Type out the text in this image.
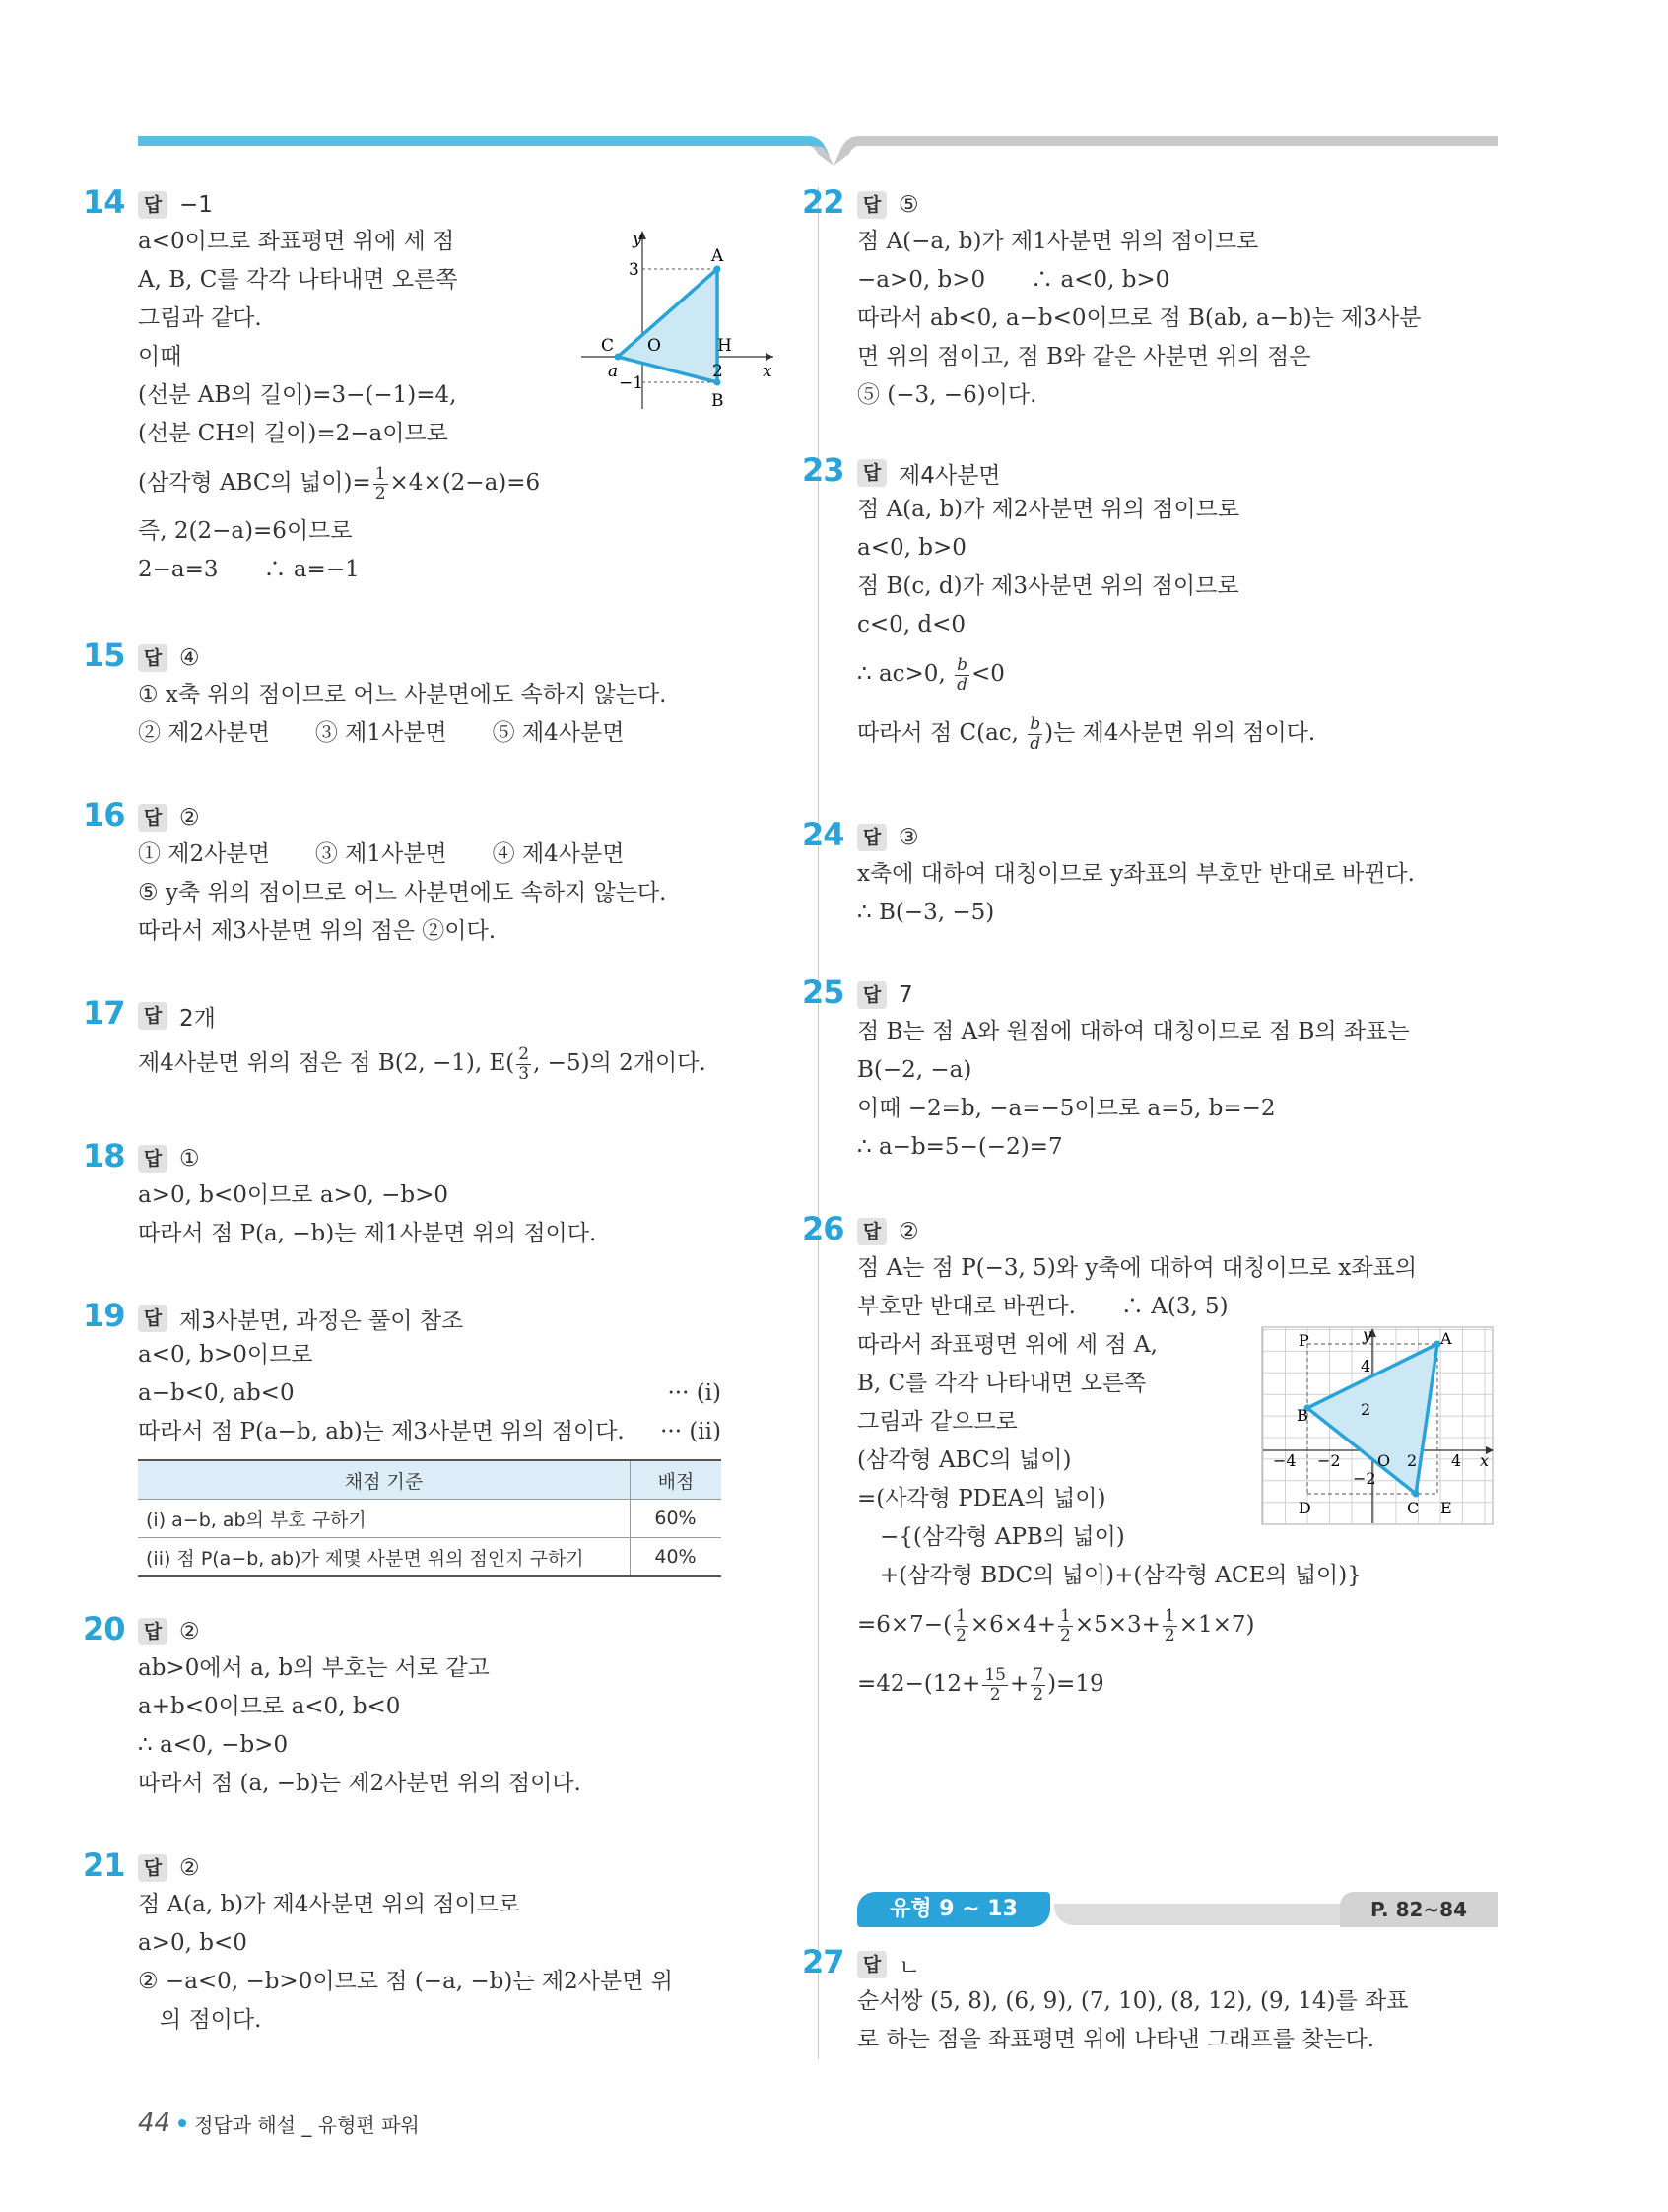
14	답 −1
a<0이므로 좌표평면 위에 세 점
A, B, C를 각각 나타내면 오른쪽
그림과 같다.
이때
(선분 AB의 길이)=3−(−1)=4,
(선분 CH의 길이)=2−a이므로
(삼각형 ABC의 넓이)= $\frac{1}{2} \times 4\times(2-a)=6$
즉, 2(2−a)=6이므로
2−a=3　　∴ a=−1
y
x
A
B
C O	H
a
3
2
−1
15	답 ④
① x축 위의 점이므로 어느 사분면에도 속하지 않는다.
② 제2사분면　　③ 제1사분면　　⑤ 제4사분면
16	답 ②
① 제2사분면　　③ 제1사분면　　④ 제4사분면
⑤ y축 위의 점이므로 어느 사분면에도 속하지 않는다.
따라서 제3사분면 위의 점은 ②이다.
17	답 2개
제4사분면 위의 점은 점 B(2, −1), $E( \frac{2}{3}$ , −5)의 2개이다.
18	답 ①
a>0, b<0이므로 a>0, −b>0
따라서 점 P(a, −b)는 제1사분면 위의 점이다.
19	답 제3사분면, 과정은 풀이 참조
a<0, b>0이므로
a−b<0, ab<0	··· (i)
따라서 점 P(a−b, ab)는 제3사분면 위의 점이다. ··· (ii)
채점 기준	배점
(i) a−b, ab의 부호 구하기	60%
(ii) 점 P(a−b, ab)가 제몇 사분면 위의 점인지 구하기	40%
20	답 ②
ab>0에서 a, b의 부호는 서로 같고
a+b<0이므로 a<0, b<0
∴ a<0, −b>0
따라서 점 (a, −b)는 제2사분면 위의 점이다.
21	답 ②
점 A(a, b)가 제4사분면 위의 점이므로
a>0, b<0
② −a<0, −b>0이므로 점 (−a, −b)는 제2사분면 위
의 점이다.
22	답 ⑤
점 A(−a, b)가 제1사분면 위의 점이므로
−a>0, b>0　　∴ a<0, b>0
따라서 ab<0, a−b<0이므로 점 B(ab, a−b)는 제3사분
면 위의 점이고, 점 B와 같은 사분면 위의 점은
⑤ (−3, −6)이다.
23	답 제4사분면
점 A(a, b)가 제2사분면 위의 점이므로
a<0, b>0
점 B(c, d)가 제3사분면 위의 점이므로
c<0, d<0
∴ ac>0, $\frac{b}{d} <0$
따라서 점 C(ac, $\frac{b}{d}$ )는 제4사분면 위의 점이다.
24	답 ③
x축에 대하여 대칭이므로 y좌표의 부호만 반대로 바뀐다.
∴ B(−3, −5)
25	답 7
점 B는 점 A와 원점에 대하여 대칭이므로 점 B의 좌표는
B(−2, −a)
이때 −2=b, −a=−5이므로 a=5, b=−2
∴ a−b=5−(−2)=7
26	답 ②
점 A는 점 P(−3, 5)와 y축에 대하여 대칭이므로 x좌표의
부호만 반대로 바뀐다.　　∴ A(3, 5)
따라서 좌표평면 위에 세 점 A,
B, C를 각각 나타내면 오른쪽
그림과 같으므로
(삼각형 ABC의 넓이)
=(사각형 PDEA의 넓이)
　−{(삼각형 APB의 넓이)
　+(삼각형 BDC의 넓이)+(삼각형 ACE의 넓이)}
$=6\times 7-( \frac{1}{2} \times 6\times 4+ \frac{1}{2} \times 5\times 3+ \frac{1}{2} \times 1\times 7)$
$=42-(12+ \frac{15}{2} + \frac{7}{2} )=19$
P	A
B
C
D	E
O
y
x
4
2
−2
−4 −2	2 4
27	답 ㄴ
순서쌍 (5, 8), (6, 9), (7, 10), (8, 12), (9, 14)를 좌표
로 하는 점을 좌표평면 위에 나타낸 그래프를 찾는다.
유형 9 ~ 13	P. 82~84
44 정답과 해설 _ 유형편 파워
